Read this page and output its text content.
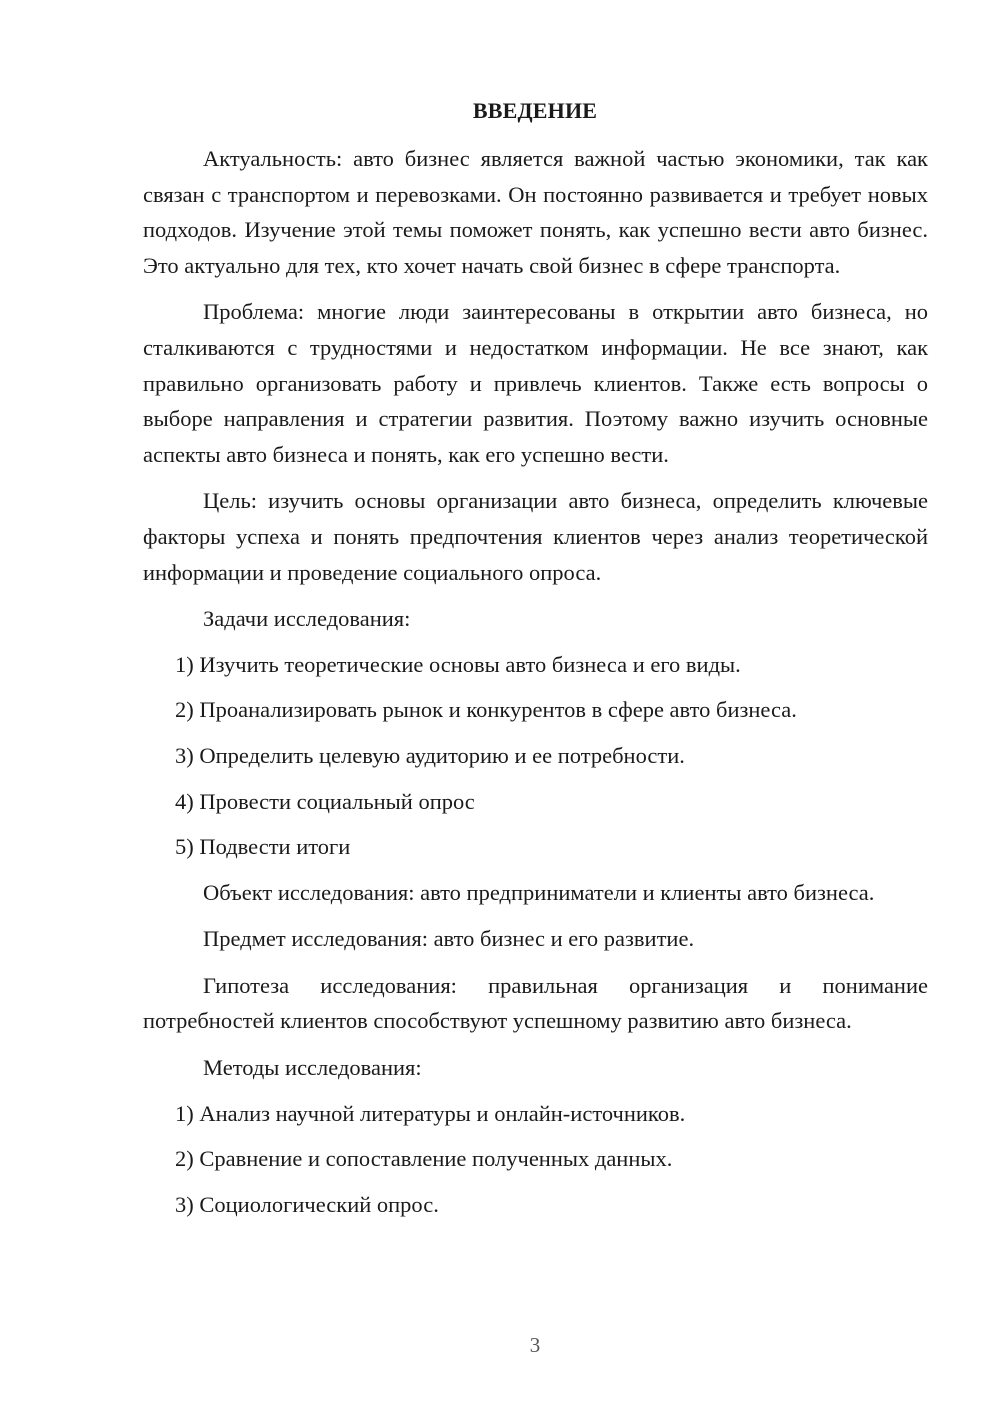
ВВЕДЕНИЕ

Актуальность: авто бизнес является важной частью экономики, так как связан с транспортом и перевозками. Он постоянно развивается и требует новых подходов. Изучение этой темы поможет понять, как успешно вести авто бизнес. Это актуально для тех, кто хочет начать свой бизнес в сфере транспорта.

Проблема: многие люди заинтересованы в открытии авто бизнеса, но сталкиваются с трудностями и недостатком информации. Не все знают, как правильно организовать работу и привлечь клиентов. Также есть вопросы о выборе направления и стратегии развития. Поэтому важно изучить основные аспекты авто бизнеса и понять, как его успешно вести.

Цель: изучить основы организации авто бизнеса, определить ключевые факторы успеха и понять предпочтения клиентов через анализ теоретической информации и проведение социального опроса.

Задачи исследования:

1) Изучить теоретические основы авто бизнеса и его виды.

2) Проанализировать рынок и конкурентов в сфере авто бизнеса.

3) Определить целевую аудиторию и ее потребности.

4) Провести социальный опрос

5) Подвести итоги

Объект исследования: авто предприниматели и клиенты авто бизнеса.

Предмет исследования: авто бизнес и его развитие.

Гипотеза исследования: правильная организация и понимание потребностей клиентов способствуют успешному развитию авто бизнеса.

Методы исследования:

1) Анализ научной литературы и онлайн-источников.

2) Сравнение и сопоставление полученных данных.

3) Социологический опрос.

3
